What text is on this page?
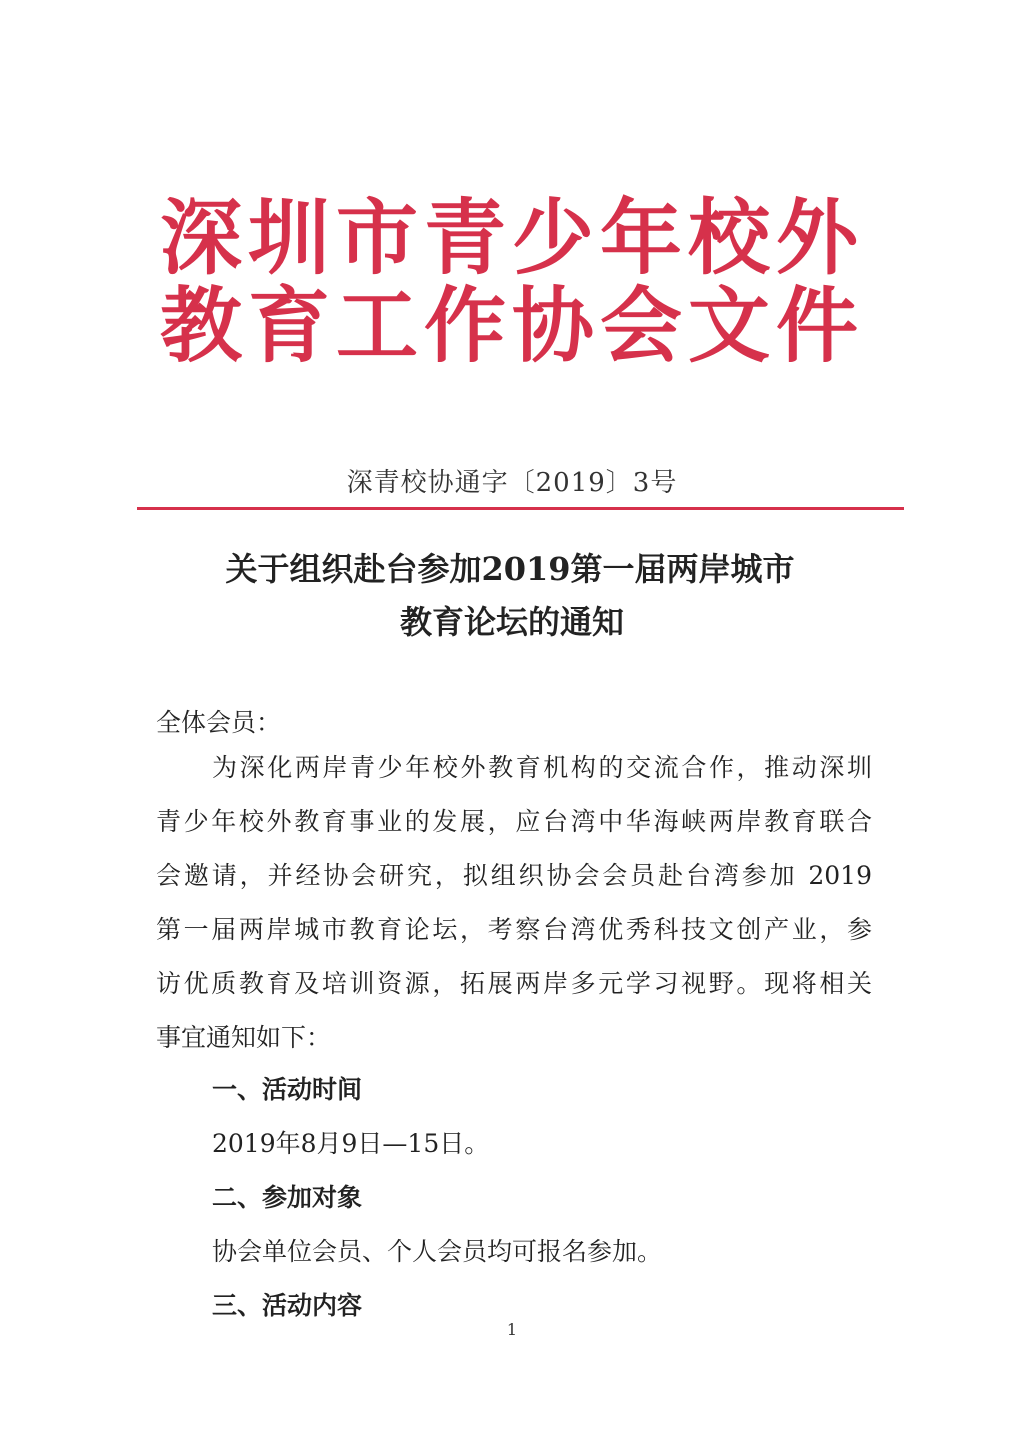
深圳市青少年校外
教育工作协会文件
深青校协通字〔2019〕3号
关于组织赴台参加2019第一届两岸城市
教育论坛的通知
全体会员：
为深化两岸青少年校外教育机构的交流合作，推动深圳
青少年校外教育事业的发展，应台湾中华海峡两岸教育联合
会邀请，并经协会研究，拟组织协会会员赴台湾参加 2019
第一届两岸城市教育论坛，考察台湾优秀科技文创产业，参
访优质教育及培训资源，拓展两岸多元学习视野。现将相关
事宜通知如下：
一、活动时间
2019年8月9日—15日。
二、参加对象
协会单位会员、个人会员均可报名参加。
三、活动内容
1
